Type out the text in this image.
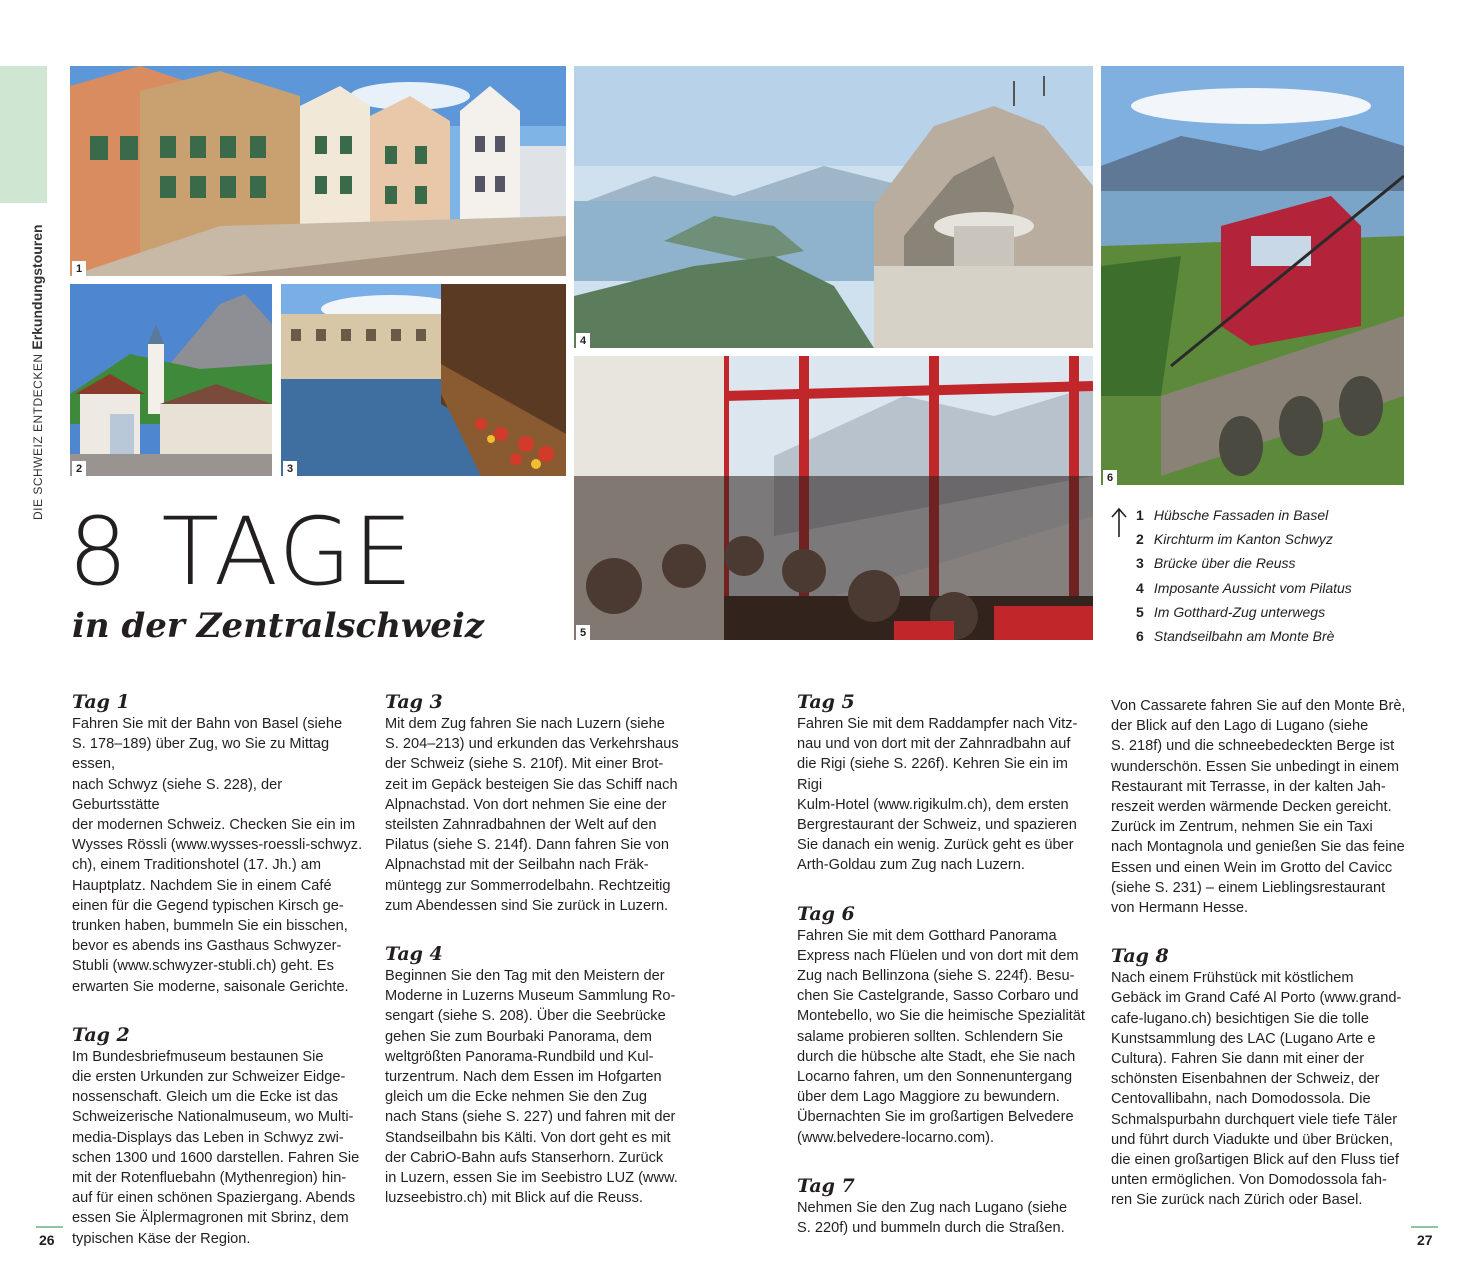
DIE SCHWEIZ ENTDECKEN Erkundungstouren	1
2	3
4
5
6
8 TAGE
in der Zentralschweiz
1 Hübsche Fassaden in Basel
2 Kirchturm im Kanton Schwyz
3 Brücke über die Reuss
4 Imposante Aussicht vom Pilatus
5 Im Gotthard-Zug unterwegs
6 Standseilbahn am Monte Brè
Tag 1

Fahren Sie mit der Bahn von Basel (siehe
S. 178–189) über Zug, wo Sie zu Mittag essen,
nach Schwyz (siehe S. 228), der Geburtsstätte
der modernen Schweiz. Checken Sie ein im
Wysses Rössli (www.wysses-roessli-schwyz.
ch), einem Traditionshotel (17. Jh.) am
Hauptplatz. Nachdem Sie in einem Café
einen für die Gegend typischen Kirsch ge-
trunken haben, bummeln Sie ein bisschen,
bevor es abends ins Gasthaus Schwyzer-
Stubli (www.schwyzer-stubli.ch) geht. Es
erwarten Sie moderne, saisonale Gerichte.

Tag 2

Im Bundesbriefmuseum bestaunen Sie
die ersten Urkunden zur Schweizer Eidge-
nossenschaft. Gleich um die Ecke ist das
Schweizerische Nationalmuseum, wo Multi-
media-Displays das Leben in Schwyz zwi-
schen 1300 und 1600 darstellen. Fahren Sie
mit der Rotenfluebahn (Mythenregion) hin-
auf für einen schönen Spaziergang. Abends
essen Sie Älplermagronen mit Sbrinz, dem
typischen Käse der Region.

Tag 3

Mit dem Zug fahren Sie nach Luzern (siehe
S. 204–213) und erkunden das Verkehrshaus
der Schweiz (siehe S. 210f). Mit einer Brot-
zeit im Gepäck besteigen Sie das Schiff nach
Alpnachstad. Von dort nehmen Sie eine der
steilsten Zahnradbahnen der Welt auf den
Pilatus (siehe S. 214f). Dann fahren Sie von
Alpnachstad mit der Seilbahn nach Fräk-
müntegg zur Sommerrodelbahn. Rechtzeitig
zum Abendessen sind Sie zurück in Luzern.

Tag 4

Beginnen Sie den Tag mit den Meistern der
Moderne in Luzerns Museum Sammlung Ro-
sengart (siehe S. 208). Über die Seebrücke
gehen Sie zum Bourbaki Panorama, dem
weltgrößten Panorama-Rundbild und Kul-
turzentrum. Nach dem Essen im Hofgarten
gleich um die Ecke nehmen Sie den Zug
nach Stans (siehe S. 227) und fahren mit der
Standseilbahn bis Kälti. Von dort geht es mit
der CabriO-Bahn aufs Stanserhorn. Zurück
in Luzern, essen Sie im Seebistro LUZ (www.
luzseebistro.ch) mit Blick auf die Reuss.

Tag 5

Fahren Sie mit dem Raddampfer nach Vitz-
nau und von dort mit der Zahnradbahn auf
die Rigi (siehe S. 226f). Kehren Sie ein im Rigi
Kulm-Hotel (www.rigikulm.ch), dem ersten
Bergrestaurant der Schweiz, und spazieren
Sie danach ein wenig. Zurück geht es über
Arth-Goldau zum Zug nach Luzern.

Tag 6

Fahren Sie mit dem Gotthard Panorama
Express nach Flüelen und von dort mit dem
Zug nach Bellinzona (siehe S. 224f). Besu-
chen Sie Castelgrande, Sasso Corbaro und
Montebello, wo Sie die heimische Spezialität
salame probieren sollten. Schlendern Sie
durch die hübsche alte Stadt, ehe Sie nach
Locarno fahren, um den Sonnenuntergang
über dem Lago Maggiore zu bewundern.
Übernachten Sie im großartigen Belvedere
(www.belvedere-locarno.com).

Tag 7

Nehmen Sie den Zug nach Lugano (siehe
S. 220f) und bummeln durch die Straßen.

Von Cassarete fahren Sie auf den Monte Brè,
der Blick auf den Lago di Lugano (siehe
S. 218f) und die schneebedeckten Berge ist
wunderschön. Essen Sie unbedingt in einem
Restaurant mit Terrasse, in der kalten Jah-
reszeit werden wärmende Decken gereicht.
Zurück im Zentrum, nehmen Sie ein Taxi
nach Montagnola und genießen Sie das feine
Essen und einen Wein im Grotto del Cavicc
(siehe S. 231) – einem Lieblingsrestaurant
von Hermann Hesse.

Tag 8

Nach einem Frühstück mit köstlichem
Gebäck im Grand Café Al Porto (www.grand-
cafe-lugano.ch) besichtigen Sie die tolle
Kunstsammlung des LAC (Lugano Arte e
Cultura). Fahren Sie dann mit einer der
schönsten Eisenbahnen der Schweiz, der
Centovallibahn, nach Domodossola. Die
Schmalspurbahn durchquert viele tiefe Täler
und führt durch Viadukte und über Brücken,
die einen großartigen Blick auf den Fluss tief
unten ermöglichen. Von Domodossola fah-
ren Sie zurück nach Zürich oder Basel.

26	27
